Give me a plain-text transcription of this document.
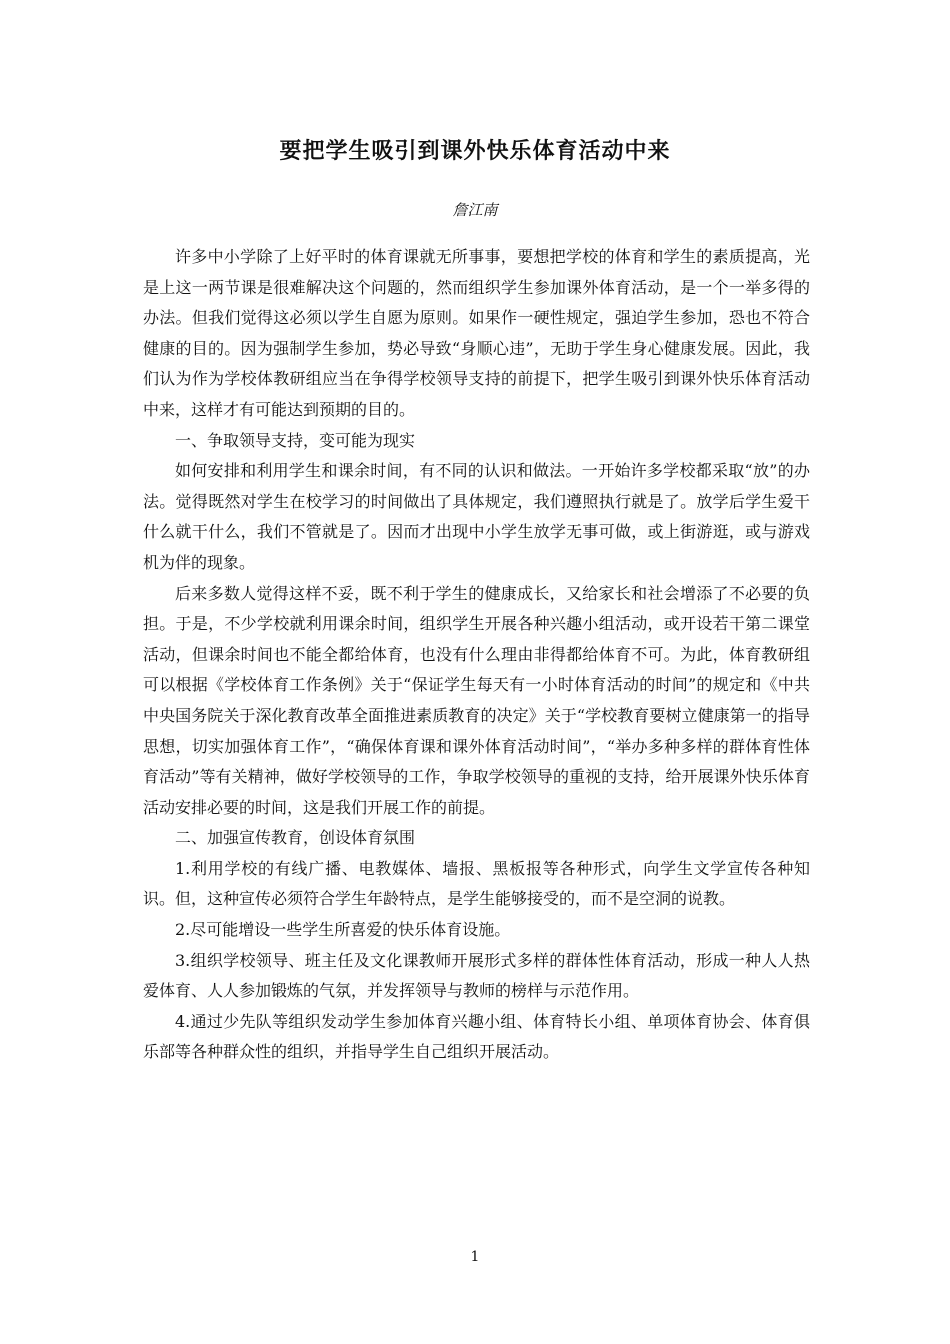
要把学生吸引到课外快乐体育活动中来
詹江南

许多中小学除了上好平时的体育课就无所事事，要想把学校的体育和学生的素质提高，光是上这一两节课是很难解决这个问题的，然而组织学生参加课外体育活动，是一个一举多得的办法。但我们觉得这必须以学生自愿为原则。如果作一硬性规定，强迫学生参加，恐也不符合健康的目的。因为强制学生参加，势必导致“身顺心违”，无助于学生身心健康发展。因此，我们认为作为学校体教研组应当在争得学校领导支持的前提下，把学生吸引到课外快乐体育活动中来，这样才有可能达到预期的目的。

一、争取领导支持，变可能为现实

如何安排和利用学生和课余时间，有不同的认识和做法。一开始许多学校都采取“放”的办法。觉得既然对学生在校学习的时间做出了具体规定，我们遵照执行就是了。放学后学生爱干什么就干什么，我们不管就是了。因而才出现中小学生放学无事可做，或上街游逛，或与游戏机为伴的现象。

后来多数人觉得这样不妥，既不利于学生的健康成长，又给家长和社会增添了不必要的负担。于是，不少学校就利用课余时间，组织学生开展各种兴趣小组活动，或开设若干第二课堂活动，但课余时间也不能全都给体育，也没有什么理由非得都给体育不可。为此，体育教研组可以根据《学校体育工作条例》关于“保证学生每天有一小时体育活动的时间”的规定和《中共中央国务院关于深化教育改革全面推进素质教育的决定》关于“学校教育要树立健康第一的指导思想，切实加强体育工作”，“确保体育课和课外体育活动时间”，“举办多种多样的群体育性体育活动”等有关精神，做好学校领导的工作，争取学校领导的重视的支持，给开展课外快乐体育活动安排必要的时间，这是我们开展工作的前提。

二、加强宣传教育，创设体育氛围

1.利用学校的有线广播、电教媒体、墙报、黑板报等各种形式，向学生文学宣传各种知识。但，这种宣传必须符合学生年龄特点，是学生能够接受的，而不是空洞的说教。

2.尽可能增设一些学生所喜爱的快乐体育设施。

3.组织学校领导、班主任及文化课教师开展形式多样的群体性体育活动，形成一种人人热爱体育、人人参加锻炼的气氛，并发挥领导与教师的榜样与示范作用。

4.通过少先队等组织发动学生参加体育兴趣小组、体育特长小组、单项体育协会、体育俱乐部等各种群众性的组织，并指导学生自己组织开展活动。

1
